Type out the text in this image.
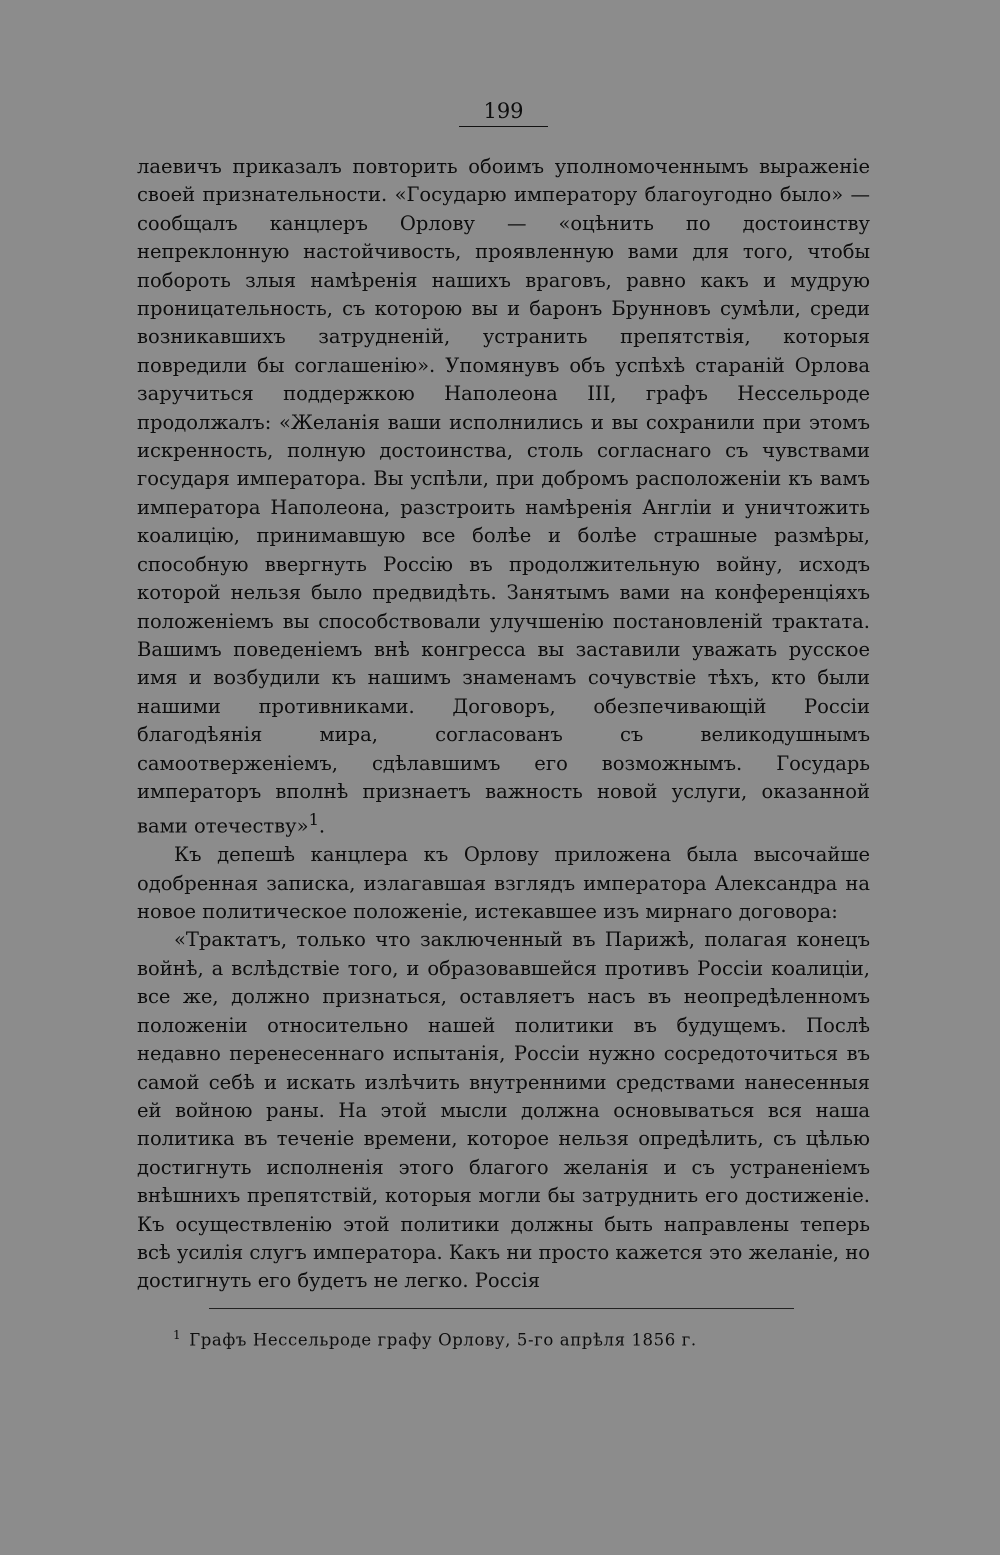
199

лаевичъ приказалъ повторить обоимъ уполномоченнымъ выраженіе своей признательности. «Государю императору благоугодно было» — сообщалъ канцлеръ Орлову — «оцѣнить по достоинству непреклонную настойчивость, проявленную вами для того, чтобы побороть злыя намѣренія нашихъ враговъ, равно какъ и мудрую проницательность, съ которою вы и баронъ Брунновъ сумѣли, среди возникавшихъ затрудненій, устранить препятствія, которыя повредили бы соглашенію». Упомянувъ объ успѣхѣ стараній Орлова заручиться поддержкою Наполеона III, графъ Нессельроде продолжалъ: «Желанія ваши исполнились и вы сохранили при этомъ искренность, полную достоинства, столь согласнаго съ чувствами государя императора. Вы успѣли, при добромъ расположеніи къ вамъ императора Наполеона, разстроить намѣренія Англіи и уничтожить коалицію, принимавшую все болѣе и болѣе страшные размѣры, способную ввергнуть Россію въ продолжительную войну, исходъ которой нельзя было предвидѣть. Занятымъ вами на конференціяхъ положеніемъ вы способствовали улучшенію постановленій трактата. Вашимъ поведеніемъ внѣ конгресса вы заставили уважать русское имя и возбудили къ нашимъ знаменамъ сочувствіе тѣхъ, кто были нашими противниками. Договоръ, обезпечивающій Россіи благодѣянія мира, согласованъ съ великодушнымъ самоотверженіемъ, сдѣлавшимъ его возможнымъ. Государь императоръ вполнѣ признаетъ важность новой услуги, оказанной вами отечеству»$^1$.

Къ депешѣ канцлера къ Орлову приложена была высочайше одобренная записка, излагавшая взглядъ императора Александра на новое политическое положеніе, истекавшее изъ мирнаго договора:

«Трактатъ, только что заключенный въ Парижѣ, полагая конецъ войнѣ, а вслѣдствіе того, и образовавшейся противъ Россіи коалиціи, все же, должно признаться, оставляетъ насъ въ неопредѣленномъ положеніи относительно нашей политики въ будущемъ. Послѣ недавно перенесеннаго испытанія, Россіи нужно сосредоточиться въ самой себѣ и искать излѣчить внутренними средствами нанесенныя ей войною раны. На этой мысли должна основываться вся наша политика въ теченіе времени, которое нельзя опредѣлить, съ цѣлью достигнуть исполненія этого благого желанія и съ устраненіемъ внѣшнихъ препятствій, которыя могли бы затруднить его достиженіе. Къ осуществленію этой политики должны быть направлены теперь всѣ усилія слугъ императора. Какъ ни просто кажется это желаніе, но достигнуть его будетъ не легко. Россія

$^1$ Графъ Нессельроде графу Орлову, 5-го апрѣля 1856 г.
